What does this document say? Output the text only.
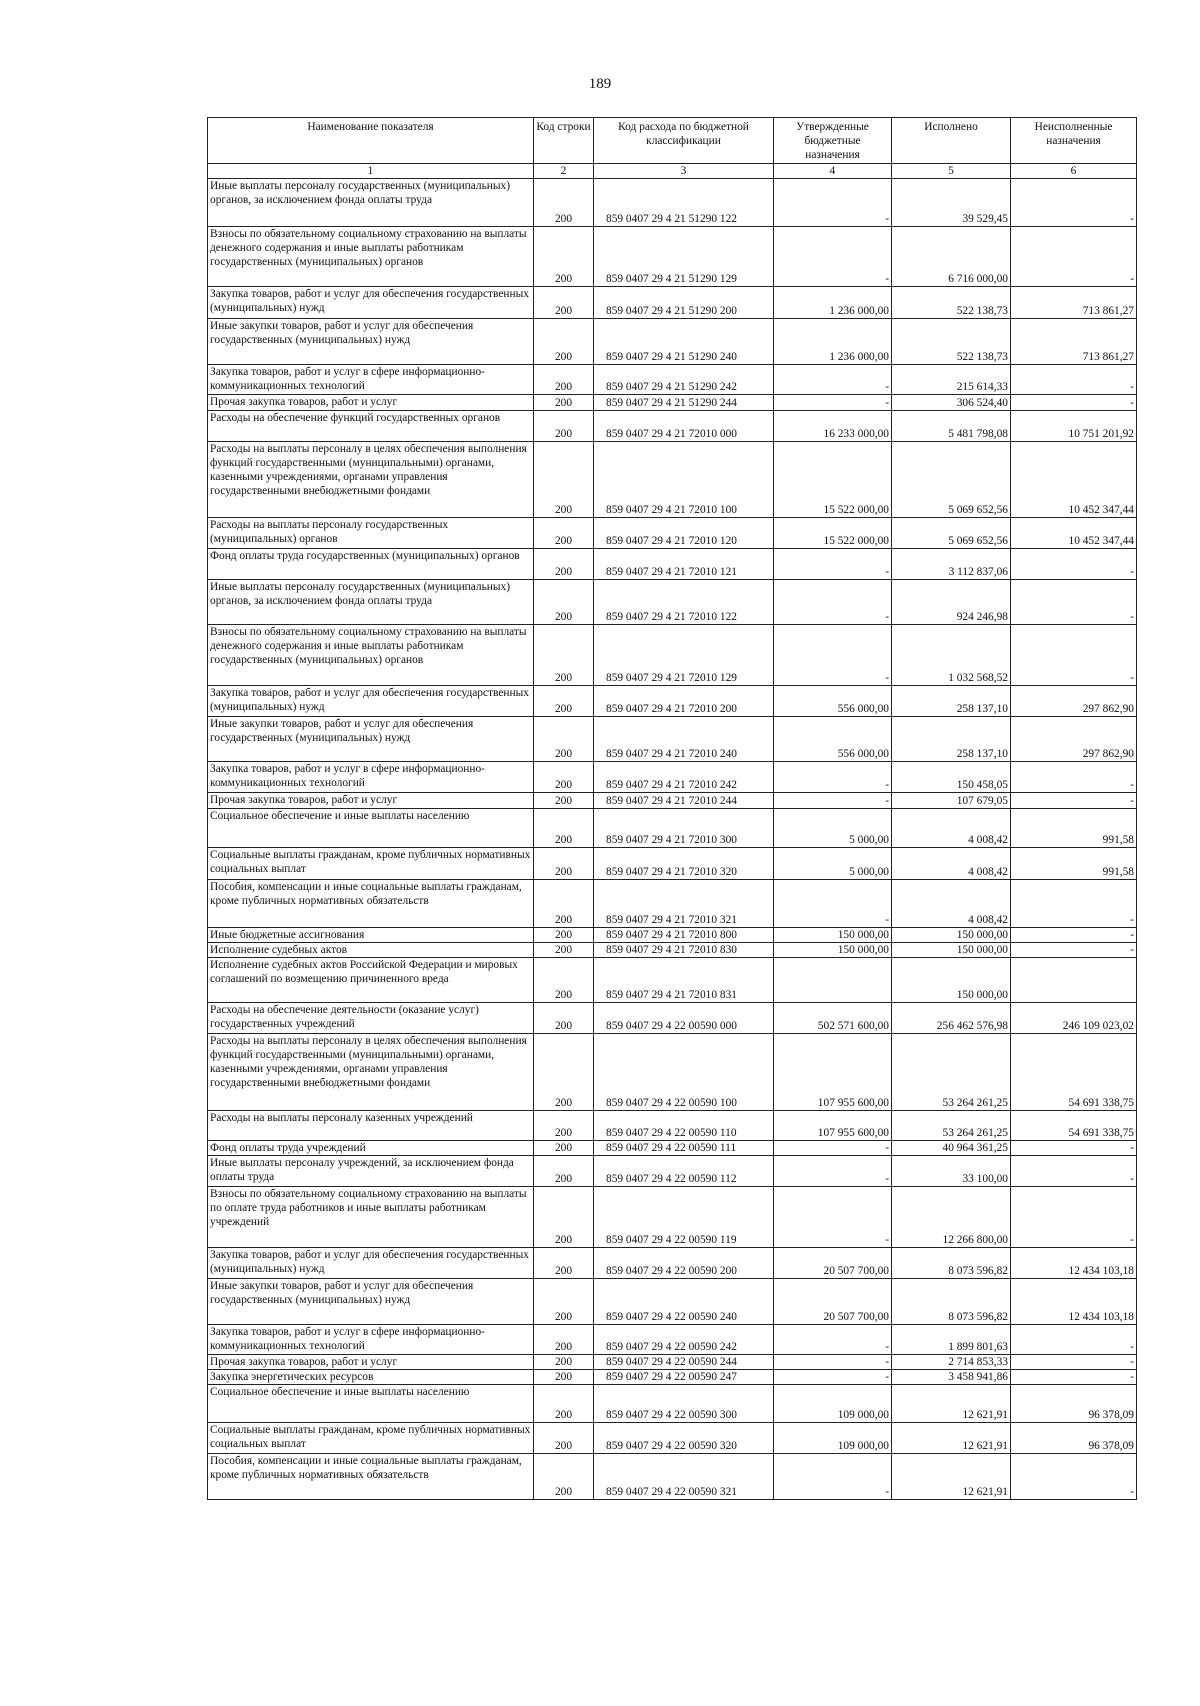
189
Наименование показателя	Код строки	Код расхода по бюджетной классификации	Утвержденные бюджетные назначения	Исполнено	Неисполненные назначения
1	2	3	4	5	6
Иные выплаты персоналу государственных (муниципальных) органов, за исключением фонда оплаты труда	200	859 0407 29 4 21 51290 122	-	39 529,45	-
Взносы по обязательному социальному страхованию на выплаты денежного содержания и иные выплаты работникам государственных (муниципальных) органов	200	859 0407 29 4 21 51290 129	-	6 716 000,00	-
Закупка товаров, работ и услуг для обеспечения государственных (муниципальных) нужд	200	859 0407 29 4 21 51290 200	1 236 000,00	522 138,73	713 861,27
Иные закупки товаров, работ и услуг для обеспечения государственных (муниципальных) нужд	200	859 0407 29 4 21 51290 240	1 236 000,00	522 138,73	713 861,27
Закупка товаров, работ и услуг в сфере информационно-коммуникационных технологий	200	859 0407 29 4 21 51290 242	-	215 614,33	-
Прочая закупка товаров, работ и услуг	200	859 0407 29 4 21 51290 244	-	306 524,40	-
Расходы на обеспечение функций государственных органов	200	859 0407 29 4 21 72010 000	16 233 000,00	5 481 798,08	10 751 201,92
Расходы на выплаты персоналу в целях обеспечения выполнения функций государственными (муниципальными) органами, казенными учреждениями, органами управления государственными внебюджетными фондами	200	859 0407 29 4 21 72010 100	15 522 000,00	5 069 652,56	10 452 347,44
Расходы на выплаты персоналу государственных (муниципальных) органов	200	859 0407 29 4 21 72010 120	15 522 000,00	5 069 652,56	10 452 347,44
Фонд оплаты труда государственных (муниципальных) органов	200	859 0407 29 4 21 72010 121	-	3 112 837,06	-
Иные выплаты персоналу государственных (муниципальных) органов, за исключением фонда оплаты труда	200	859 0407 29 4 21 72010 122	-	924 246,98	-
Взносы по обязательному социальному страхованию на выплаты денежного содержания и иные выплаты работникам государственных (муниципальных) органов	200	859 0407 29 4 21 72010 129	-	1 032 568,52	-
Закупка товаров, работ и услуг для обеспечения государственных (муниципальных) нужд	200	859 0407 29 4 21 72010 200	556 000,00	258 137,10	297 862,90
Иные закупки товаров, работ и услуг для обеспечения государственных (муниципальных) нужд	200	859 0407 29 4 21 72010 240	556 000,00	258 137,10	297 862,90
Закупка товаров, работ и услуг в сфере информационно-коммуникационных технологий	200	859 0407 29 4 21 72010 242	-	150 458,05	-
Прочая закупка товаров, работ и услуг	200	859 0407 29 4 21 72010 244	-	107 679,05	-
Социальное обеспечение и иные выплаты населению	200	859 0407 29 4 21 72010 300	5 000,00	4 008,42	991,58
Социальные выплаты гражданам, кроме публичных нормативных социальных выплат	200	859 0407 29 4 21 72010 320	5 000,00	4 008,42	991,58
Пособия, компенсации и иные социальные выплаты гражданам, кроме публичных нормативных обязательств	200	859 0407 29 4 21 72010 321	-	4 008,42	-
Иные бюджетные ассигнования	200	859 0407 29 4 21 72010 800	150 000,00	150 000,00	-
Исполнение судебных актов	200	859 0407 29 4 21 72010 830	150 000,00	150 000,00	-
Исполнение судебных актов Российской Федерации и мировых соглашений по возмещению причиненного вреда	200	859 0407 29 4 21 72010 831		150 000,00	
Расходы на обеспечение деятельности (оказание услуг) государственных учреждений	200	859 0407 29 4 22 00590 000	502 571 600,00	256 462 576,98	246 109 023,02
Расходы на выплаты персоналу в целях обеспечения выполнения функций государственными (муниципальными) органами, казенными учреждениями, органами управления государственными внебюджетными фондами	200	859 0407 29 4 22 00590 100	107 955 600,00	53 264 261,25	54 691 338,75
Расходы на выплаты персоналу казенных учреждений	200	859 0407 29 4 22 00590 110	107 955 600,00	53 264 261,25	54 691 338,75
Фонд оплаты труда учреждений	200	859 0407 29 4 22 00590 111	-	40 964 361,25	-
Иные выплаты персоналу учреждений, за исключением фонда оплаты труда	200	859 0407 29 4 22 00590 112	-	33 100,00	-
Взносы по обязательному социальному страхованию на выплаты по оплате труда работников и иные выплаты работникам учреждений	200	859 0407 29 4 22 00590 119	-	12 266 800,00	-
Закупка товаров, работ и услуг для обеспечения государственных (муниципальных) нужд	200	859 0407 29 4 22 00590 200	20 507 700,00	8 073 596,82	12 434 103,18
Иные закупки товаров, работ и услуг для обеспечения государственных (муниципальных) нужд	200	859 0407 29 4 22 00590 240	20 507 700,00	8 073 596,82	12 434 103,18
Закупка товаров, работ и услуг в сфере информационно-коммуникационных технологий	200	859 0407 29 4 22 00590 242	-	1 899 801,63	-
Прочая закупка товаров, работ и услуг	200	859 0407 29 4 22 00590 244	-	2 714 853,33	-
Закупка энергетических ресурсов	200	859 0407 29 4 22 00590 247	-	3 458 941,86	-
Социальное обеспечение и иные выплаты населению	200	859 0407 29 4 22 00590 300	109 000,00	12 621,91	96 378,09
Социальные выплаты гражданам, кроме публичных нормативных социальных выплат	200	859 0407 29 4 22 00590 320	109 000,00	12 621,91	96 378,09
Пособия, компенсации и иные социальные выплаты гражданам, кроме публичных нормативных обязательств	200	859 0407 29 4 22 00590 321	-	12 621,91	-
